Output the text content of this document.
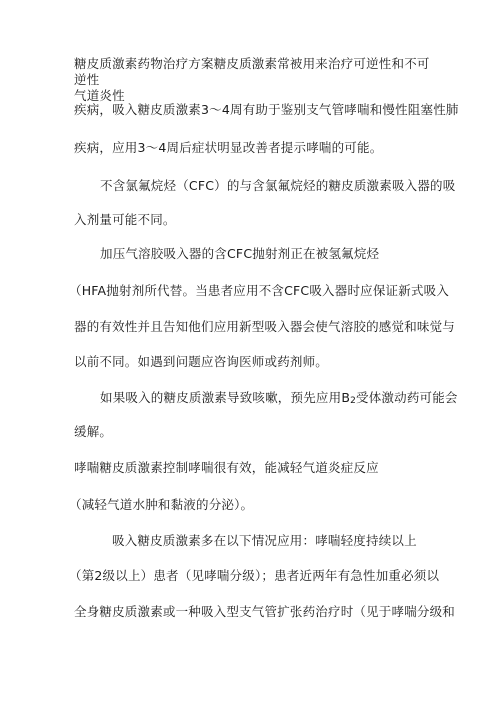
糖皮质激素药物治疗方案糖皮质激素常被用来治疗可逆性和不可逆性
气道炎性
疾病，吸入糖皮质激素3～4周有助于鉴别支气管哮喘和慢性阻塞性肺
疾病，应用3～4周后症状明显改善者提示哮喘的可能。
不含氯氟烷烃（CFC）的与含氯氟烷烃的糖皮质激素吸入器的吸
入剂量可能不同。
加压气溶胶吸入器的含CFC抛射剂正在被氢氟烷烃
（HFA抛射剂所代替。当患者应用不含CFC吸入器时应保证新式吸入
器的有效性并且告知他们应用新型吸入器会使气溶胶的感觉和味觉与
以前不同。如遇到问题应咨询医师或药剂师。
如果吸入的糖皮质激素导致咳嗽，预先应用B2受体激动药可能会
缓解。
哮喘糖皮质激素控制哮喘很有效，能减轻气道炎症反应
（减轻气道水肿和黏液的分泌）。
吸入糖皮质激素多在以下情况应用：哮喘轻度持续以上
（第2级以上）患者（见哮喘分级）；患者近两年有急性加重必须以
全身糖皮质激素或一种吸入型支气管扩张药治疗时（见于哮喘分级和
